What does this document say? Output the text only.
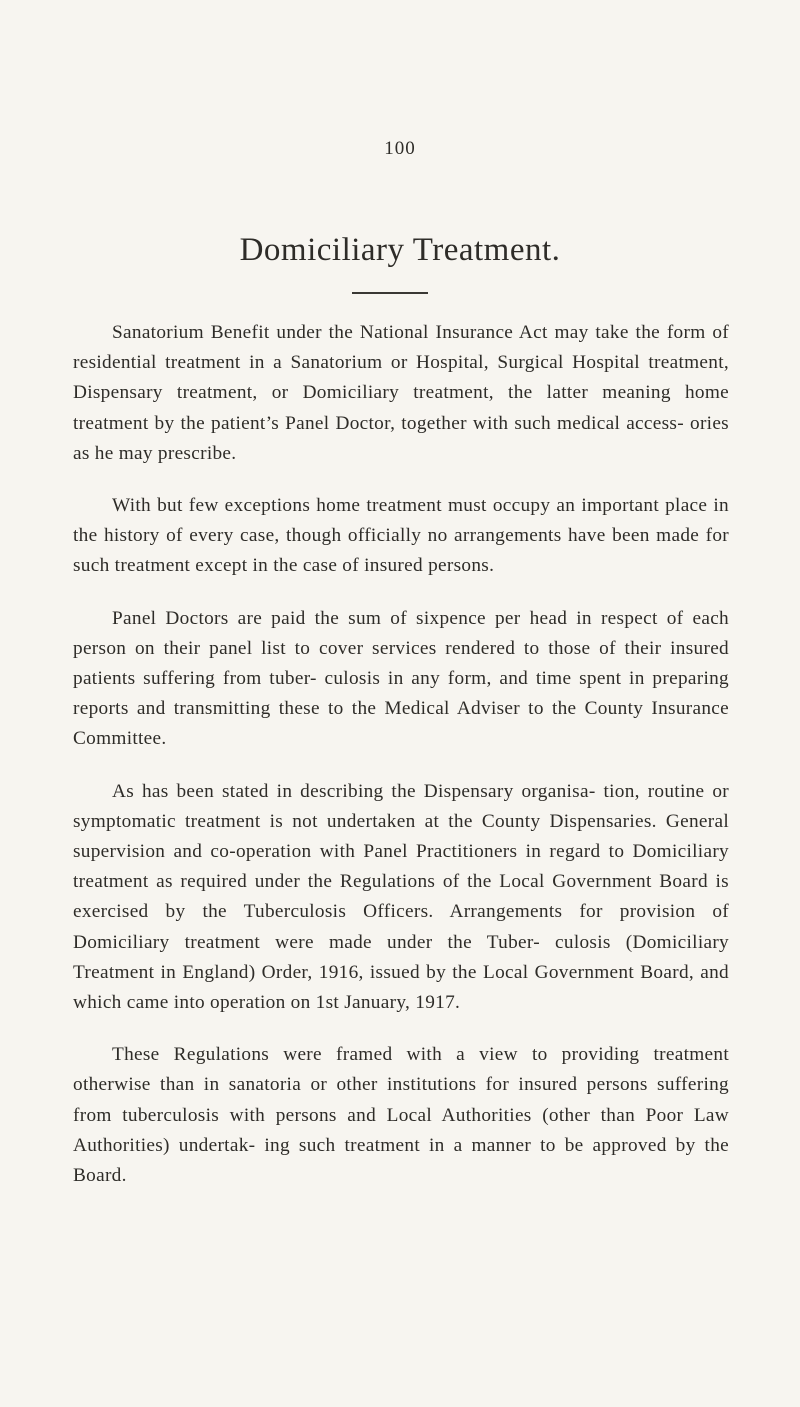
100
Domiciliary Treatment.

Sanatorium Benefit under the National Insurance Act may take the form of residential treatment in a Sanatorium or Hospital, Surgical Hospital treatment, Dispensary treatment, or Domiciliary treatment, the latter meaning home treatment by the patient’s Panel Doctor, together with such medical access- ories as he may prescribe.

With but few exceptions home treatment must occupy an important place in the history of every case, though officially no arrangements have been made for such treatment except in the case of insured persons.

Panel Doctors are paid the sum of sixpence per head in respect of each person on their panel list to cover services rendered to those of their insured patients suffering from tuber- culosis in any form, and time spent in preparing reports and transmitting these to the Medical Adviser to the County Insurance Committee.

As has been stated in describing the Dispensary organisa- tion, routine or symptomatic treatment is not undertaken at the County Dispensaries. General supervision and co-operation with Panel Practitioners in regard to Domiciliary treatment as required under the Regulations of the Local Government Board is exercised by the Tuberculosis Officers. Arrangements for provision of Domiciliary treatment were made under the Tuber- culosis (Domiciliary Treatment in England) Order, 1916, issued by the Local Government Board, and which came into operation on 1st January, 1917.

These Regulations were framed with a view to providing treatment otherwise than in sanatoria or other institutions for insured persons suffering from tuberculosis with persons and Local Authorities (other than Poor Law Authorities) undertak- ing such treatment in a manner to be approved by the Board.
